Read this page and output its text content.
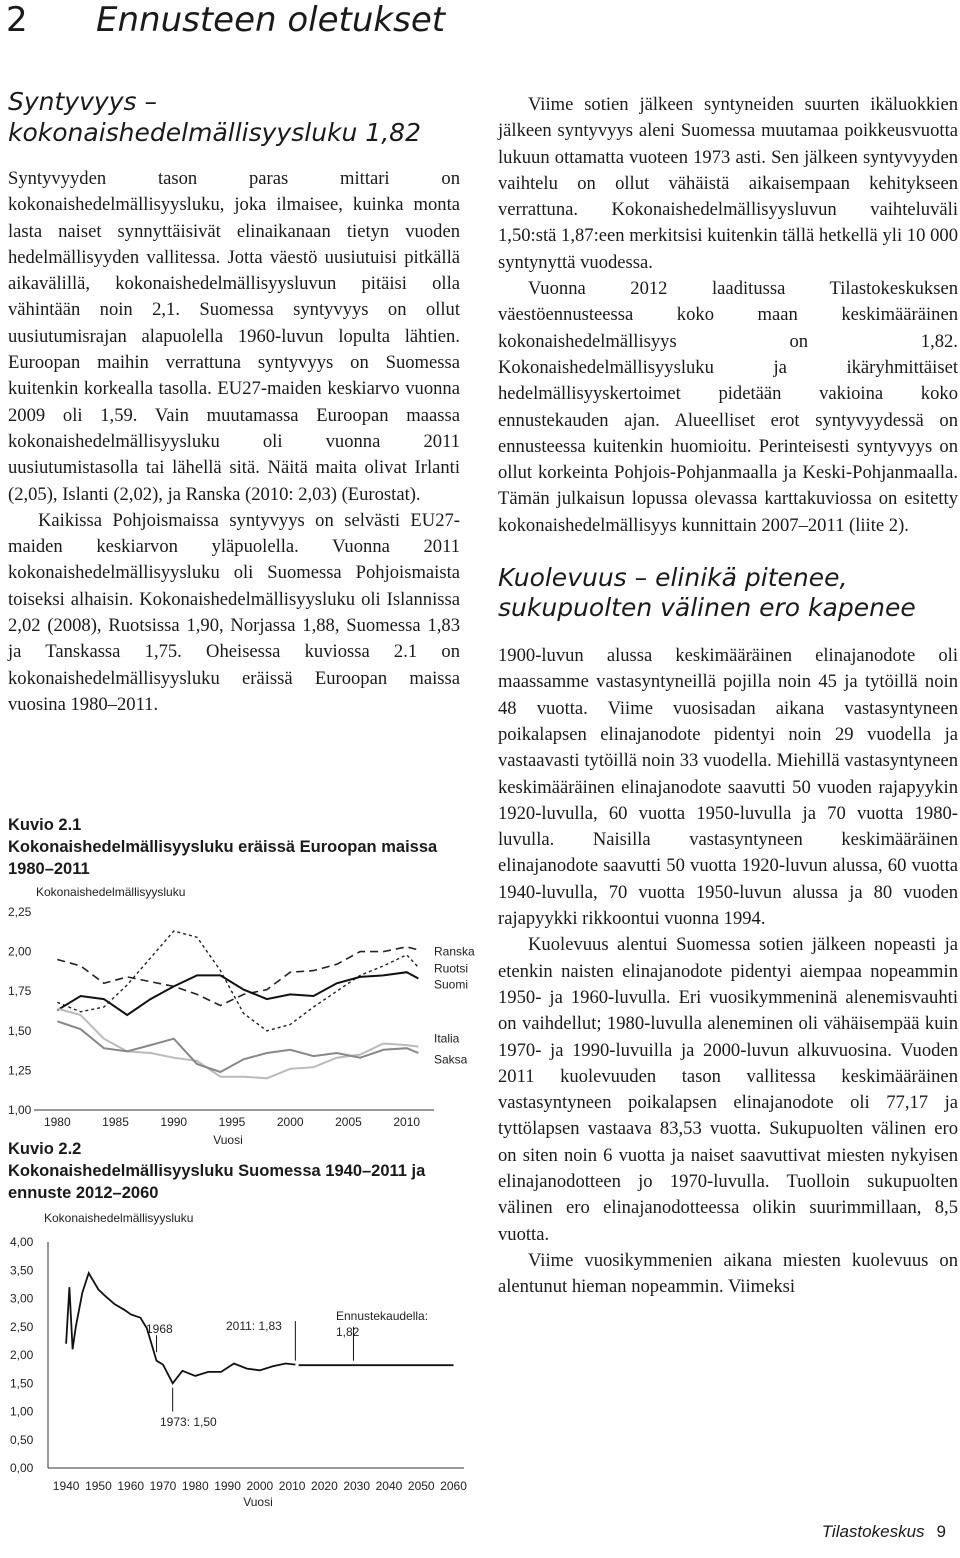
2 Ennusteen oletukset
Syntyvyys – kokonaishedelmällisyysluku 1,82

Syntyvyyden tason paras mittari on kokonaishedelmällisyysluku, joka ilmaisee, kuinka monta lasta naiset synnyttäisivät elinaikanaan tietyn vuoden hedelmällisyyden vallitessa. Jotta väestö uusiutuisi pitkällä aikavälillä, kokonaishedelmällisyysluvun pitäisi olla vähintään noin 2,1. Suomessa syntyvyys on ollut uusiutumisrajan alapuolella 1960-luvun lopulta lähtien. Euroopan maihin verrattuna syntyvyys on Suomessa kuitenkin korkealla tasolla. EU27-maiden keskiarvo vuonna 2009 oli 1,59. Vain muutamassa Euroopan maassa kokonaishedelmällisyysluku oli vuonna 2011 uusiutumistasolla tai lähellä sitä. Näitä maita olivat Irlanti (2,05), Islanti (2,02), ja Ranska (2010: 2,03) (Eurostat).

Kaikissa Pohjoismaissa syntyvyys on selvästi EU27-maiden keskiarvon yläpuolella. Vuonna 2011 kokonaishedelmällisyysluku oli Suomessa Pohjoismaista toiseksi alhaisin. Kokonaishedelmällisyysluku oli Islannissa 2,02 (2008), Ruotsissa 1,90, Norjassa 1,88, Suomessa 1,83 ja Tanskassa 1,75. Oheisessa kuviossa 2.1 on kokonaishedelmällisyysluku eräissä Euroopan maissa vuosina 1980–2011.

Viime sotien jälkeen syntyneiden suurten ikäluokkien jälkeen syntyvyys aleni Suomessa muutamaa poikkeusvuotta lukuun ottamatta vuoteen 1973 asti. Sen jälkeen syntyvyyden vaihtelu on ollut vähäistä aikaisempaan kehitykseen verrattuna. Kokonaishedelmällisyysluvun vaihteluväli 1,50:stä 1,87:een merkitsisi kuitenkin tällä hetkellä yli 10 000 syntynyttä vuodessa.

Vuonna 2012 laaditussa Tilastokeskuksen väestöennusteessa koko maan keskimääräinen kokonaishedelmällisyys on 1,82. Kokonaishedelmällisyysluku ja ikäryhmittäiset hedelmällisyyskertoimet pidetään vakioina koko ennustekauden ajan. Alueelliset erot syntyvyydessä on ennusteessa kuitenkin huomioitu. Perinteisesti syntyvyys on ollut korkeinta Pohjois-Pohjanmaalla ja Keski-Pohjanmaalla. Tämän julkaisun lopussa olevassa karttakuviossa on esitetty kokonaishedelmällisyys kunnittain 2007–2011 (liite 2).

Kuolevuus – elinikä pitenee, sukupuolten välinen ero kapenee

1900-luvun alussa keskimääräinen elinajanodote oli maassamme vastasyntyneillä pojilla noin 45 ja tytöillä noin 48 vuotta. Viime vuosisadan aikana vastasyntyneen poikalapsen elinajanodote pidentyi noin 29 vuodella ja vastaavasti tytöillä noin 33 vuodella. Miehillä vastasyntyneen keskimääräinen elinajanodote saavutti 50 vuoden rajapyykin 1920-luvulla, 60 vuotta 1950-luvulla ja 70 vuotta 1980-luvulla. Naisilla vastasyntyneen keskimääräinen elinajanodote saavutti 50 vuotta 1920-luvun alussa, 60 vuotta 1940-luvulla, 70 vuotta 1950-luvun alussa ja 80 vuoden rajapyykki rikkoontui vuonna 1994.

Kuolevuus alentui Suomessa sotien jälkeen nopeasti ja etenkin naisten elinajanodote pidentyi aiempaa nopeammin 1950- ja 1960-luvulla. Eri vuosikymmeninä alenemisvauhti on vaihdellut; 1980-luvulla aleneminen oli vähäisempää kuin 1970- ja 1990-luvuilla ja 2000-luvun alkuvuosina. Vuoden 2011 kuolevuuden tason vallitessa keskimääräinen vastasyntyneen poikalapsen elinajanodote oli 77,17 ja tyttölapsen vastaava 83,53 vuotta. Sukupuolten välinen ero on siten noin 6 vuotta ja naiset saavuttivat miesten nykyisen elinajanodotteen jo 1970-luvulla. Tuolloin sukupuolten välinen ero elinajanodotteessa olikin suurimmillaan, 8,5 vuotta.

Viime vuosikymmenien aikana miesten kuolevuus on alentunut hieman nopeammin. Viimeksi

Kuvio 2.1
Kokonaishedelmällisyysluku eräissä Euroopan maissa
1980–2011
Kokonaishedelmällisyysluku
Vuosi
2,25
2,00
1,75
1,50
1,25
1,00
1980	1985	1990	1995	2000	2005	2010
Ranska
Ruotsi
Suomi
Italia
Saksa
Kuvio 2.2
Kokonaishedelmällisyysluku Suomessa 1940–2011 ja
ennuste 2012–2060
Kokonaishedelmällisyysluku
Vuosi
1968	2011: 1,83
1973: 1,50
Ennustekaudella:
1,82
4,00
3,50
3,00
2,50
2,00
1,50
1,00
0,50
0,00
1940 1950 1960 1970 1980 1990 2000 2010 2020 2030 2040 2050 2060
Tilastokeskus 9
